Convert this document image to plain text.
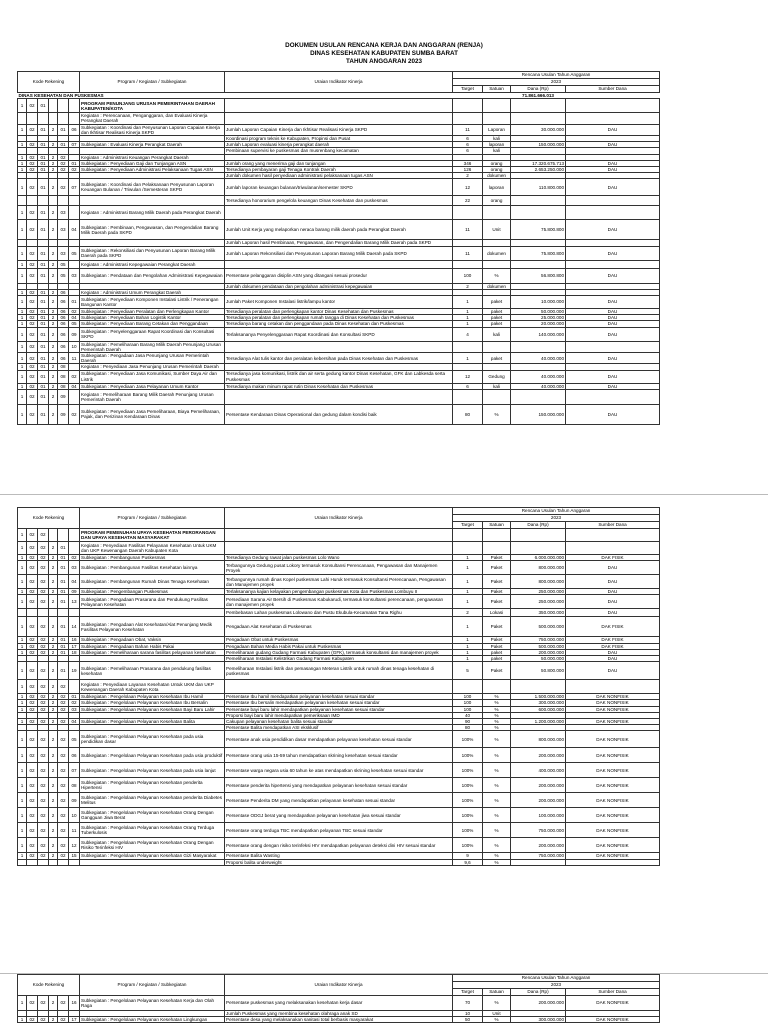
DOKUMEN USULAN RENCANA KERJA DAN ANGGARAN (RENJA)
DINAS KESEHATAN KABUPATEN SUMBA BARAT
TAHUN ANGGARAN 2023
Kode Rekening						Program / Kegiatan / Subkegiatan	Uraian Indikator Kinerja	Rencana Usulan Tahun Anggaran			
								2023			
								Target	Satuan	Dana (Rp)	Sumber Dana
DINAS KESEHATAN DAN PUSKESMAS										71.861.666.013	
1	02	01				PROGRAM PENUNJANG URUSAN PEMERINTAHAN DAERAH KABUPATEN/KOTA					
						Kegiatan : Perencanaan, Penganggaran, dan Evaluasi Kinerja Perangkat Daerah					
1	02	01	2	01	06	Subkegiatan : Koordinasi dan Penyusunan Laporan Capaian Kinerja dan Ikhtisar Realisasi Kinerja SKPD	Jumlah Laporan Capaian Kinerja dan Ikhtisar Realisasi Kinerja SKPD	11	Laporan	30.000.000	DAU
							Koordinasi program teknis ke Kabupaten, Propinsi dan Pusat	6	kali		
1	02	01	2	01	07	Subkegiatan : Evaluasi Kinerja Perangkat Daerah	Jumlah Laporan evaluasi kinerja perangkat daerah	6	laporan	150.000.000	DAU
							Pembinaan supervisi ke puskesmas dan musrenbang kecamatan	6	kali		
1	02	01	2	02		Kegiatan : Administrasi Keuangan Perangkat Daerah					
1	02	01	2	02	01	Subkegiatan : Penyediaan Gaji dan Tunjangan ASN	Jumlah orang yang menerima gaji dan tunjangan	346	orang	17.320.675.713	DAU
1	02	01	2	02	02	Subkegiatan : Penyediaan Administrasi Pelaksanaan Tugas ASN	Tersedianya pembayaran gaji Tenaga Kontrak Daerah	126	orang	2.653.250.000	DAU
							Jumlah dokumen hasil penyediaan administrasi pelaksanaan tugas ASN	2	dokumen		
1	02	01	2	02	07	Subkegiatan : Koordinasi dan Pelaksanaan Penyusunan Laporan Keuangan Bulanan / Triwulan /Semesteran SKPD	Jumlah laporan keuangan bulanan/triwulanan/semester SKPD	12	laporan	110.800.000	DAU
							Tersedianya honorarium pengelola keuangan Dinas Kesehatan dan puskesmas	22	orang		
1	02	01	2	03		Kegiatan : Administrasi Barang Milik Daerah pada Perangkat Daerah					
1	02	01	2	03	04	Subkegiatan : Pembinaan, Pengawasan, dan Pengendalian Barang Milik Daerah pada SKPD	Jumlah Unit Kerja yang melaporkan neraca barang milik daerah pada Perangkat Daerah	11	Unit	75.800.800	DAU
							Jumlah Laporan hasil Pembinaan, Pengawasan, dan Pengendalian Barang Milik Daerah pada SKPD				
1	02	01	2	03	05	Subkegiatan : Rekonsiliasi dan Penyusunan Laporan Barang Milik Daerah pada SKPD	Jumlah Laporan Rekonsiliasi dan Penyusunan Laporan Barang Milik Daerah pada SKPD	11	dokumen	75.800.800	DAU
1	02	01	2	05		Kegiatan : Administrasi Kepegawaian Perangkat Daerah					
1	02	01	2	05	03	Subkegiatan : Pendataan dan Pengolahan Administrasi Kepegawaian	Persentase pelanggaran disiplin ASN yang ditangani sesuai prosedur	100	%	56.800.800	DAU
							Jumlah dokumen pendataan dan pengolahan administrasi kepegawaian	2	dokumen		
1	02	01	2	06		Kegiatan : Administrasi Umum Perangkat Daerah					
1	02	01	2	06	01	Subkegiatan : Penyediaan Komponen Instalasi Listrik / Penerangan Bangunan Kantor	Jumlah Paket Komponen Instalasi listrik/lampu kantor	1	paket	10.000.000	DAU
1	02	01	2	06	02	Subkegiatan : Penyediaan Peralatan dan Perlengkapan Kantor	Tersedianya peralatan dan perlengkapan kantor Dinas Kesehatan dan Puskesmas	1	paket	50.000.000	DAU
1	02	01	2	06	04	Subkegiatan : Penyediaan Bahan Logistik Kantor	Tersedianya peralatan dan perlengkapan rumah tangga di Dinas Kesehatan dan Puskesmas	1	paket	25.000.000	DAU
1	02	01	2	06	05	Subkegiatan : Penyediaan Barang Cetakan dan Penggandaan	Tersedianya barang cetakan dan penggandaan pada Dinas Kesehatan dan Puskesmas	1	paket	20.000.000	DAU
1	02	01	2	06	09	Subkegiatan : Penyelenggaraan Rapat Koordinasi dan Konsultasi SKPD	Terlaksananya Penyelenggaraan Rapat Koordinasi dan Konsultasi SKPD	4	kali	140.000.000	DAU
1	02	01	2	06	10	Subkegiatan : Pemeliharaan Barang Milik Daerah Penunjang Urusan Pemerintah Daerah					
1	02	01	2	06	11	Subkegiatan : Pengadaan Jasa Penunjang Urusan Pemerintah Daerah	Tersedianya Alat tulis kantor dan peralatan kebersihan pada Dinas Kesehatan dan Puskesmas	1	paket	40.000.000	DAU
1	02	01	2	08		Kegiatan : Penyediaan Jasa Penunjang Urusan Pemerintah Daerah					
1	02	01	2	08	02	Subkegiatan : Penyediaan Jasa Komunikasi, Sumber Daya Air dan Listrik	Tersedianya jasa komunikasi, listrik dan air serta gedung kantor Dinas Kesehatan, GFK dan Labkesda serta Puskesmas	12	Gedung	40.000.000	DAU
1	02	01	2	08	04	Subkegiatan : Penyediaan Jasa Pelayanan Umum Kantor	Tersedianya makan minum rapat rutin Dinas Kesehatan dan Puskesmas	6	kali	40.000.000	DAU
1	02	01	2	09		Kegiatan : Pemeliharaan Barang Milik Daerah Penunjang Urusan Pemerintah Daerah					
1	02	01	2	09	02	Subkegiatan : Penyediaan Jasa Pemeliharaan, Biaya Pemeliharaan, Pajak, dan Perizinan Kendaraan Dinas	Persentase Kendaraan Dinas Operasional dan gedung dalam kondisi baik	80	%	150.000.000	DAU
Kode Rekening						Program / Kegiatan / Subkegiatan	Uraian Indikator Kinerja	Rencana Usulan Tahun Anggaran			
								2023			
								Target	Satuan	Dana (Rp)	Sumber Dana
1	02	02				PROGRAM PEMENUHAN UPAYA KESEHATAN PERORANGAN DAN UPAYA KESEHATAN MASYARAKAT					
1	02	02	2	01		Kegiatan : Penyediaan Fasilitas Pelayanan Kesehatan Untuk UKM dan UKP Kewenangan Daerah Kabupaten Kota					
1	02	02	2	01	02	Subkegiatan : Pembangunan Puskesmas	Tersedianya Gedung rawat jalan puskesmas Lolo Wano	1	Paket	6.000.000.000	DAK FISIK
1	02	02	2	01	03	Subkegiatan : Pembangunan Fasilitas Kesehatan lainnya	Terbangunnya Gedung pusat Lokory termasuk Konsultansi Perencanaan, Pengawasan dan Manajemen Proyek	1	Paket	800.000.000	DAU
1	02	02	2	01	04	Subkegiatan : Pembangunan Rumah Dinas Tenaga Kesehatan	Terbangunnya rumah dinas Kopel puskesmas Lahi Huruk termasuk Konsultansi Perencanaan, Pengawasan dan Manajemen proyek	1	Paket	800.000.000	DAU
1	02	02	2	01	09	Subkegiatan : Pengembangan Puskesmas	Terlaksananya kajian kelayakan pengembangan puskesmas Kota dan Puskesmas Lombuyu II	1	Paket	250.000.000	DAU
1	02	02	2	01	13	Subkegiatan : Pengadaan Prasarana dan Pendukung Fasilitas Pelayanan Kesehatan	Persediaan Sarana Air Bersih di Puskesmas Kabukarudi, termasuk konsultansi perencanaan, pengawasan dan manajemen proyek	1	Paket	250.000.000	DAU
							Pembebasan Lahan puskesmas Lolowano dan Pustu Ekubula-Kecamatan Tana Righu	2	Lokasi	350.000.000	DAU
1	02	02	2	01	14	Subkegiatan : Pengadaan Alat Kesehatan/Alat Penunjang Medik Fasilitas Pelayanan Kesehatan	Pengadaan Alat Kesehatan di Puskesmas	1	Paket	500.000.000	DAK FISIK
1	02	02	2	01	16	Subkegiatan : Pengadaan Obat, Vaksin	Pengadaan Obat untuk Puskesmas	1	Paket	750.000.000	DAK FISIK
1	02	02	2	01	17	Subkegiatan : Pengadaan Bahan Habis Pakai	Pengadaan Bahan Media Habis Pakai untuk Puskesmas	1	Paket	500.000.000	DAK FISIK
1	02	02	2	01	18	Subkegiatan : Pemeliharaan sarana fasilitas pelayanan kesehatan	Pemeliharaan gudang Gudang Farmasi Kabupaten (GFK), termasuk konsultansi dan manajemen proyek	1	paket	200.000.000	DAU
							Pemeliharaan Instalasi Kelistrikan Gudang Farmasi Kabupaten	1	paket	50.000.000	DAU
1	02	02	2	01	19	Subkegiatan : Pemeliharaan Prasarana dan pendukung fasilitas kesehatan	Pemeliharaan Instalasi listrik dan pemasangan Meteran Listrik untuk rumah dinas tenaga kesehatan di puskesmas	5	Paket	50.800.000	DAU
1	02	02	2	02		Kegiatan : Penyediaan Layanan Kesehatan Untuk UKM dan UKP Kewenangan Daerah Kabupaten Kota					
1	02	02	2	02	01	Subkegiatan : Pengelolaan Pelayanan Kesehatan Ibu Hamil	Persentase Ibu hamil mendapatkan pelayanan kesehatan sesuai standar	100	%	1.500.000.000	DAK NONFISIK
1	02	02	2	02	02	Subkegiatan : Pengelolaan Pelayanan Kesehatan Ibu Bersalin	Persentase Ibu bersalin mendapatkan pelayanan kesehatan sesuai standar	100	%	300.000.000	DAK NONFISIK
1	02	02	2	02	03	Subkegiatan : Pengelolaan Pelayanan Kesehatan Bayi Baru Lahir	Persentase bayi baru lahir mendapatkan pelayanan kesehatan sesuai standar	100	%	600.000.000	DAK NONFISIK
							Proporsi bayi baru lahir mendapatkan pemeriksaan IMD	40	%		
1	02	02	2	02	04	Subkegiatan : Pengelolaan Pelayanan Kesehatan Balita	Cakupan pelayanan kesehatan balita sesuai standar	90	%	1.200.000.000	DAK NONFISIK
							Persentase Balita mendapatkan ASI eksklusif	80	%		
1	02	02	2	02	05	Subkegiatan : Pengelolaan Pelayanan Kesehatan pada usia pendidikan dasar	Persentase anak usia pendidikan dasar mendapatkan pelayanan kesehatan sesuai standar	100%	%	800.000.000	DAK NONFISIK
1	02	02	2	02	06	Subkegiatan : Pengelolaan Pelayanan Kesehatan pada usia produktif	Persentase orang usia 15-59 tahun mendapatkan skrining kesehatan sesuai standar	100%	%	200.000.000	DAK NONFISIK
1	02	02	2	02	07	Subkegiatan : Pengelolaan Pelayanan Kesehatan pada usia lanjut	Persentase warga negara usia 60 tahun ke atas mendapatkan skrining kesehatan sesuai standar	100%	%	400.000.000	DAK NONFISIK
1	02	02	2	02	08	Subkegiatan : Pengelolaan Pelayanan Kesehatan penderita Hipertensi	Persentase penderita hipertensi yang mendapatkan pelayanan kesehatan sesuai standar	100%	%	200.000.000	DAK NONFISIK
1	02	02	2	02	09	Subkegiatan : Pengelolaan Pelayanan Kesehatan penderita Diabetes Melitus	Persentase Penderita DM yang mendapatkan pelayanan kesehatan sesuai standar	100%	%	200.000.000	DAK NONFISIK
1	02	02	2	02	10	Subkegiatan : Pengelolaan Pelayanan Kesehatan Orang Dengan Gangguan Jiwa Berat	Persentase ODGJ berat yang mendapatkan pelayanan kesehatan jiwa sesuai standar	100%	%	100.000.000	DAK NONFISIK
1	02	02	2	02	11	Subkegiatan : Pengelolaan Pelayanan Kesehatan Orang Terduga Tuberkulosis	Persentase orang terduga TBC mendapatkan pelayanan TBC sesuai standar	100%	%	750.000.000	DAK NONFISIK
1	02	02	2	02	12	Subkegiatan : Pengelolaan Pelayanan Kesehatan Orang Dengan Risiko Terinfeksi HIV	Persentase orang dengan risiko terinfeksi HIV mendapatkan pelayanan deteksi dini HIV sesuai standar	100%	%	200.000.000	DAK NONFISIK
1	02	02	2	02	15	Subkegiatan : Pengelolaan Pelayanan Kesehatan Gizi Masyarakat	Persentase Balita Wasting	9	%	750.000.000	DAK NONFISIK
							Proporsi balita underweight	9,6	%		
Kode Rekening						Program / Kegiatan / Subkegiatan	Uraian Indikator Kinerja	Rencana Usulan Tahun Anggaran			
								2023			
								Target	Satuan	Dana (Rp)	Sumber Dana
1	02	02	2	02	16	Subkegiatan : Pengelolaan Pelayanan Kesehatan Kerja dan Olah Raga	Persentase puskesmas yang melaksanakan kesehatan kerja dasar	70	%	200.000.000	DAK NONFISIK
							Jumlah Puskesmas yang membina kesehatan olahraga anak SD	10	Unit		
1	02	02	2	02	17	Subkegiatan : Pengelolaan Pelayanan Kesehatan Lingkungan	Persentase desa yang melaksanakan sanitasi total berbasis masyarakat	50	%	300.000.000	DAK NONFISIK
